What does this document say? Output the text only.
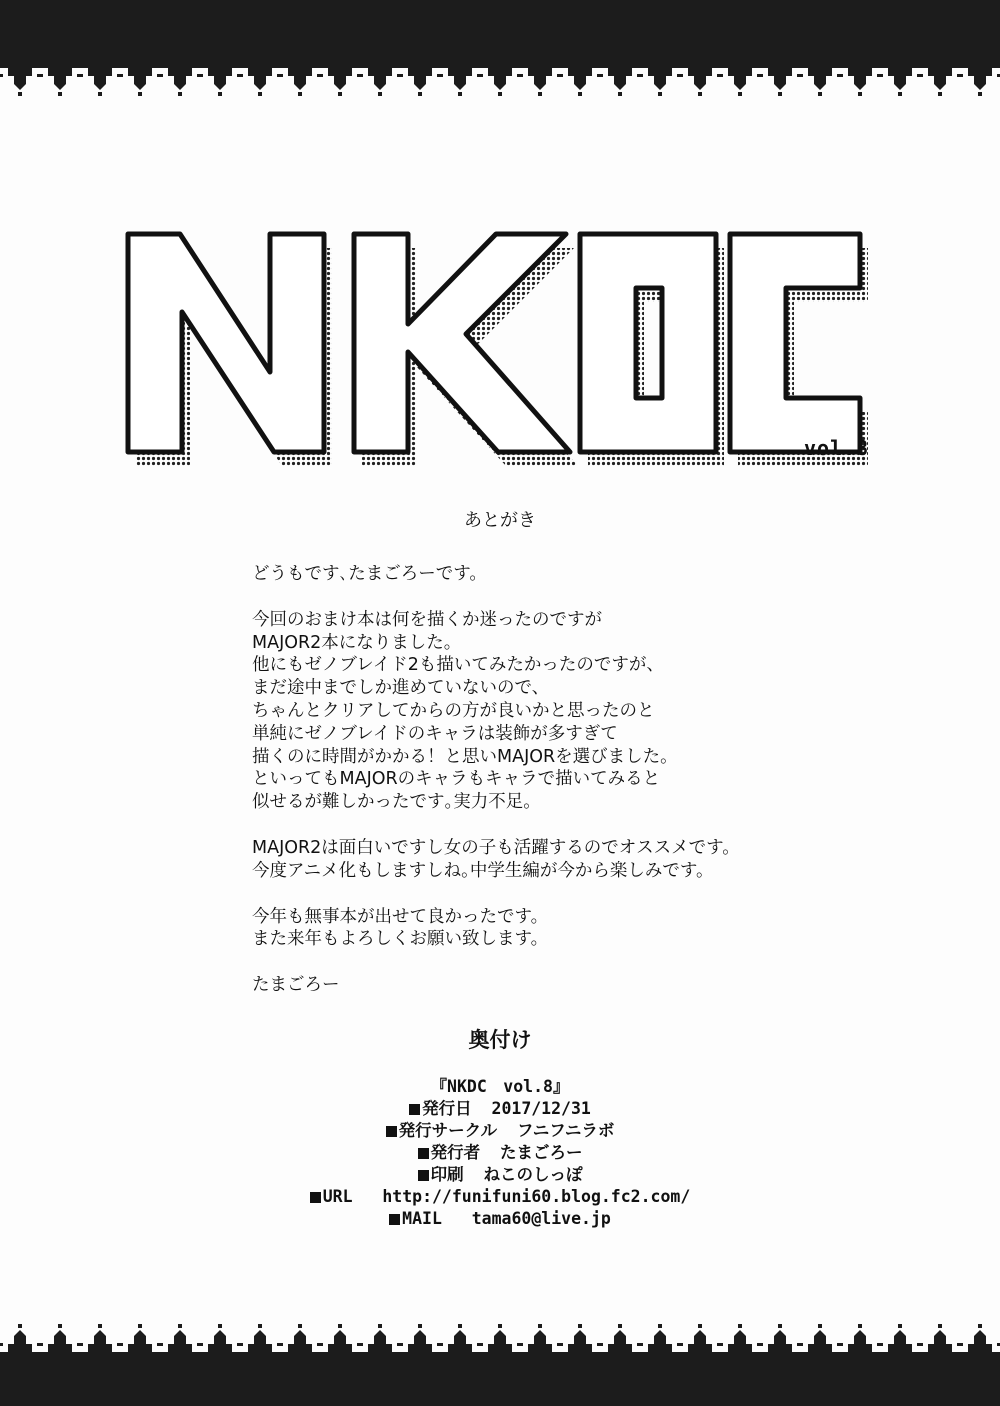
vol.8
あとがき

どうもです､たまごろーです。

今回のおまけ本は何を描くか迷ったのですが
MAJOR2本になりました。
他にもゼノブレイド2も描いてみたかったのですが、
まだ途中までしか進めていないので、
ちゃんとクリアしてからの方が良いかと思ったのと
単純にゼノブレイドのキャラは装飾が多すぎて
描くのに時間がかかる！と思いMAJORを選びました。
といってもMAJORのキャラもキャラで描いてみると
似せるが難しかったです｡実力不足。

MAJOR2は面白いですし女の子も活躍するのでオススメです。
今度アニメ化もしますしね｡中学生編が今から楽しみです。

今年も無事本が出せて良かったです。
また来年もよろしくお願い致します。

たまごろー

奥付け
『NKDC　vol.8』
発行日 2017/12/31
発行サークル フニフニラボ
発行者 たまごろー
印刷 ねこのしっぽ
URL http://funifuni60.blog.fc2.com/
MAIL tama60@live.jp
